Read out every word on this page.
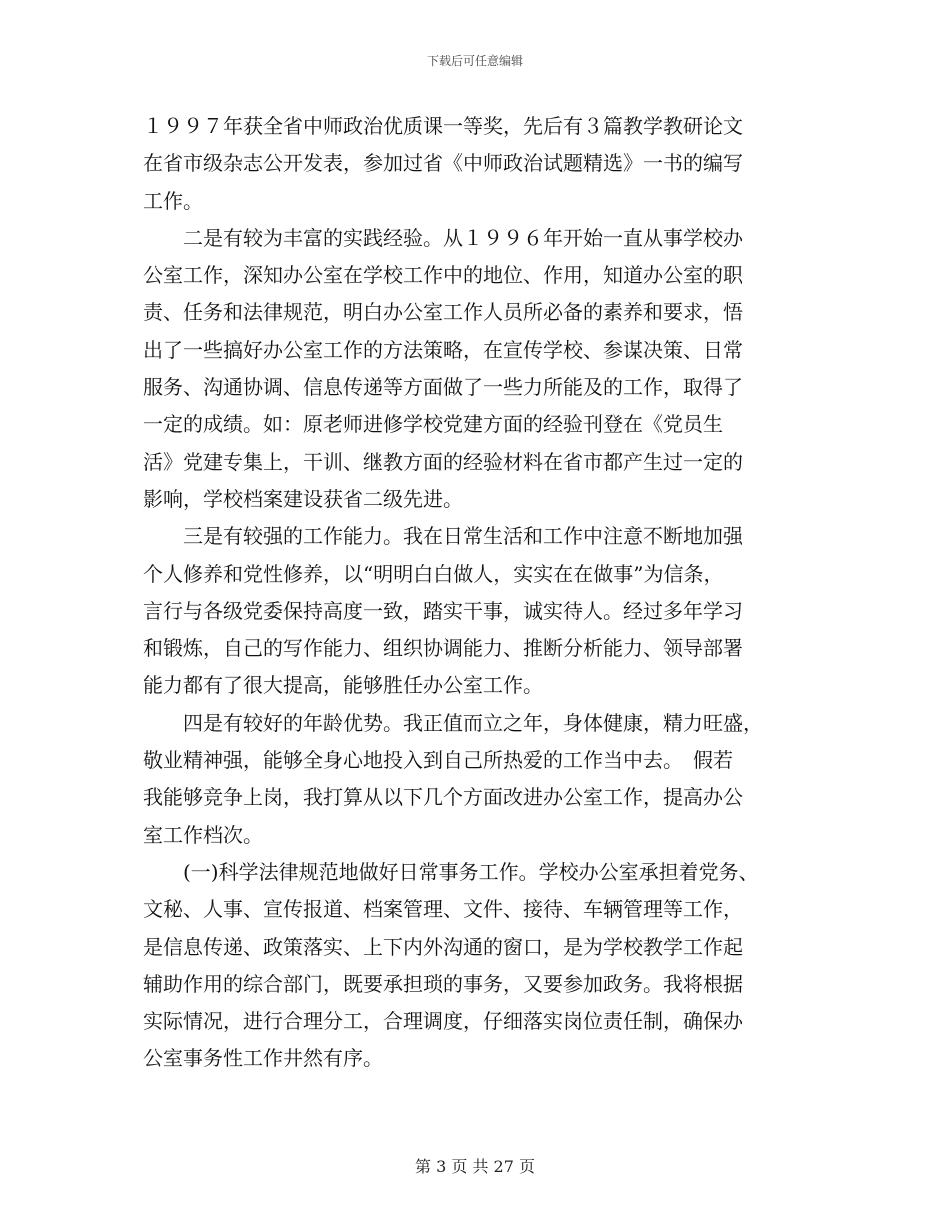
下载后可任意编辑
１９９７年获全省中师政治优质课一等奖，先后有３篇教学教研论文
在省市级杂志公开发表，参加过省《中师政治试题精选》一书的编写
工作。
　　二是有较为丰富的实践经验。从１９９６年开始一直从事学校办
公室工作，深知办公室在学校工作中的地位、作用，知道办公室的职
责、任务和法律规范，明白办公室工作人员所必备的素养和要求，悟
出了一些搞好办公室工作的方法策略，在宣传学校、参谋决策、日常
服务、沟通协调、信息传递等方面做了一些力所能及的工作，取得了
一定的成绩。如：原老师进修学校党建方面的经验刊登在《党员生
活》党建专集上，干训、继教方面的经验材料在省市都产生过一定的
影响，学校档案建设获省二级先进。
　　三是有较强的工作能力。我在日常生活和工作中注意不断地加强
个人修养和党性修养，以“明明白白做人，实实在在做事”为信条，
言行与各级党委保持高度一致，踏实干事，诚实待人。经过多年学习
和锻炼，自己的写作能力、组织协调能力、推断分析能力、领导部署
能力都有了很大提高，能够胜任办公室工作。
　　四是有较好的年龄优势。我正值而立之年，身体健康，精力旺盛，
敬业精神强，能够全身心地投入到自己所热爱的工作当中去。　假若
我能够竞争上岗，我打算从以下几个方面改进办公室工作，提高办公
室工作档次。
　　(一)科学法律规范地做好日常事务工作。学校办公室承担着党务、
文秘、人事、宣传报道、档案管理、文件、接待、车辆管理等工作，
是信息传递、政策落实、上下内外沟通的窗口，是为学校教学工作起
辅助作用的综合部门，既要承担琐的事务，又要参加政务。我将根据
实际情况，进行合理分工，合理调度，仔细落实岗位责任制，确保办
公室事务性工作井然有序。
第 3 页 共 27 页
